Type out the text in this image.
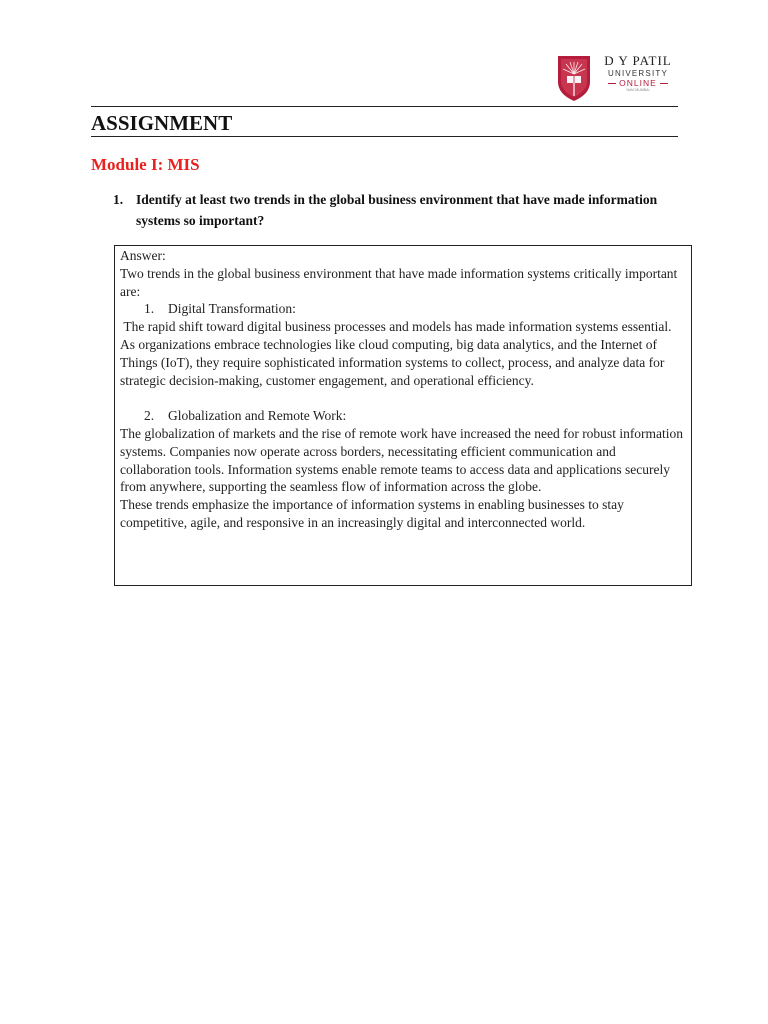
D Y PATIL
UNIVERSITY
ONLINE
NAVI MUMBAI
ASSIGNMENT
Module I: MIS
1. Identify at least two trends in the global business environment that have made information systems so important?

Answer:

Two trends in the global business environment that have made information systems critically important are:

1.	Digital Transformation:

The rapid shift toward digital business processes and models has made information systems essential. As organizations embrace technologies like cloud computing, big data analytics, and the Internet of Things (IoT), they require sophisticated information systems to collect, process, and analyze data for strategic decision-making, customer engagement, and operational efficiency.

2.	Globalization and Remote Work:

The globalization of markets and the rise of remote work have increased the need for robust information systems. Companies now operate across borders, necessitating efficient communication and collaboration tools. Information systems enable remote teams to access data and applications securely from anywhere, supporting the seamless flow of information across the globe.

These trends emphasize the importance of information systems in enabling businesses to stay competitive, agile, and responsive in an increasingly digital and interconnected world.
